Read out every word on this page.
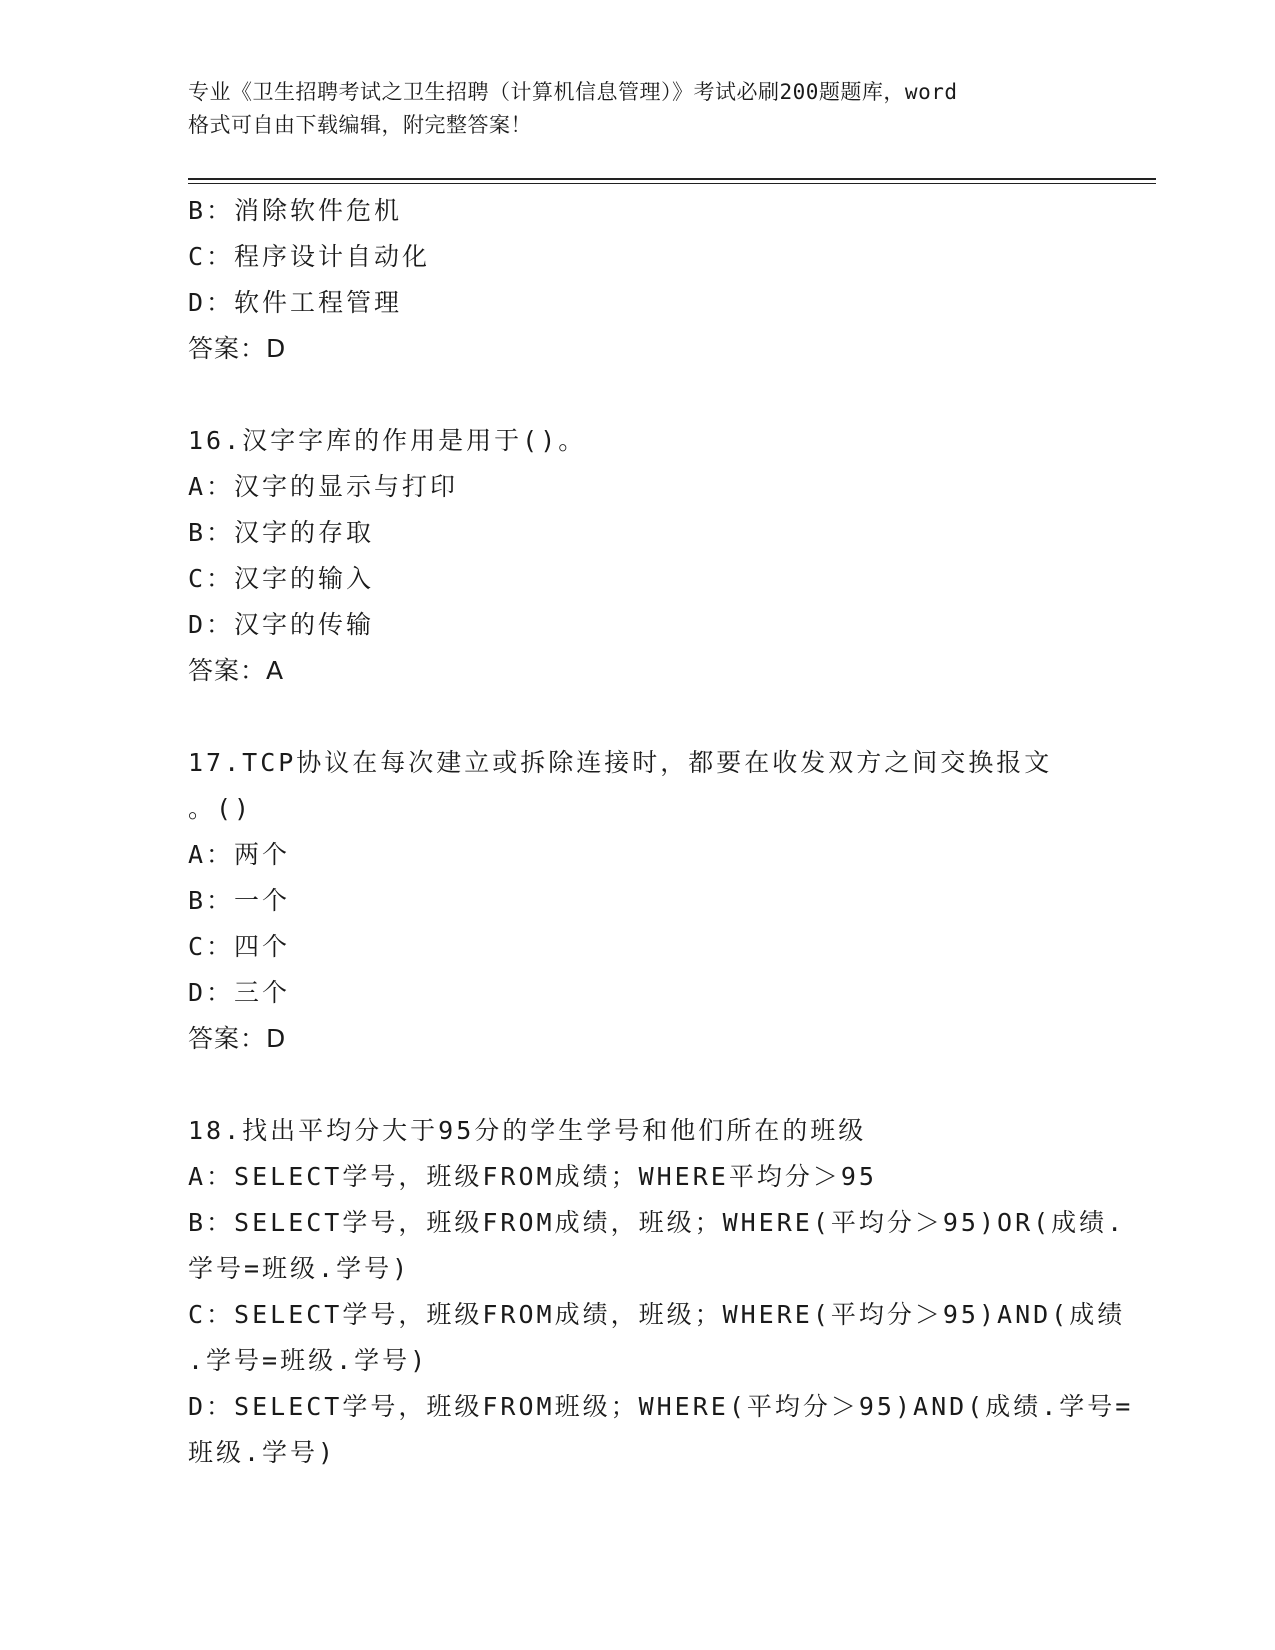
专业《卫生招聘考试之卫生招聘（计算机信息管理）》考试必刷200题题库，word
格式可自由下载编辑，附完整答案！
B：消除软件危机
C：程序设计自动化
D：软件工程管理
答案：D
16.汉字字库的作用是用于()。
A：汉字的显示与打印
B：汉字的存取
C：汉字的输入
D：汉字的传输
答案：A
17.TCP协议在每次建立或拆除连接时，都要在收发双方之间交换报文
。()
A：两个
B：一个
C：四个
D：三个
答案：D
18.找出平均分大于95分的学生学号和他们所在的班级
A：SELECT学号，班级FROM成绩；WHERE平均分＞95
B：SELECT学号，班级FROM成绩，班级；WHERE(平均分＞95)OR(成绩.
学号=班级.学号)
C：SELECT学号，班级FROM成绩，班级；WHERE(平均分＞95)AND(成绩
.学号=班级.学号)
D：SELECT学号，班级FROM班级；WHERE(平均分＞95)AND(成绩.学号=
班级.学号)
